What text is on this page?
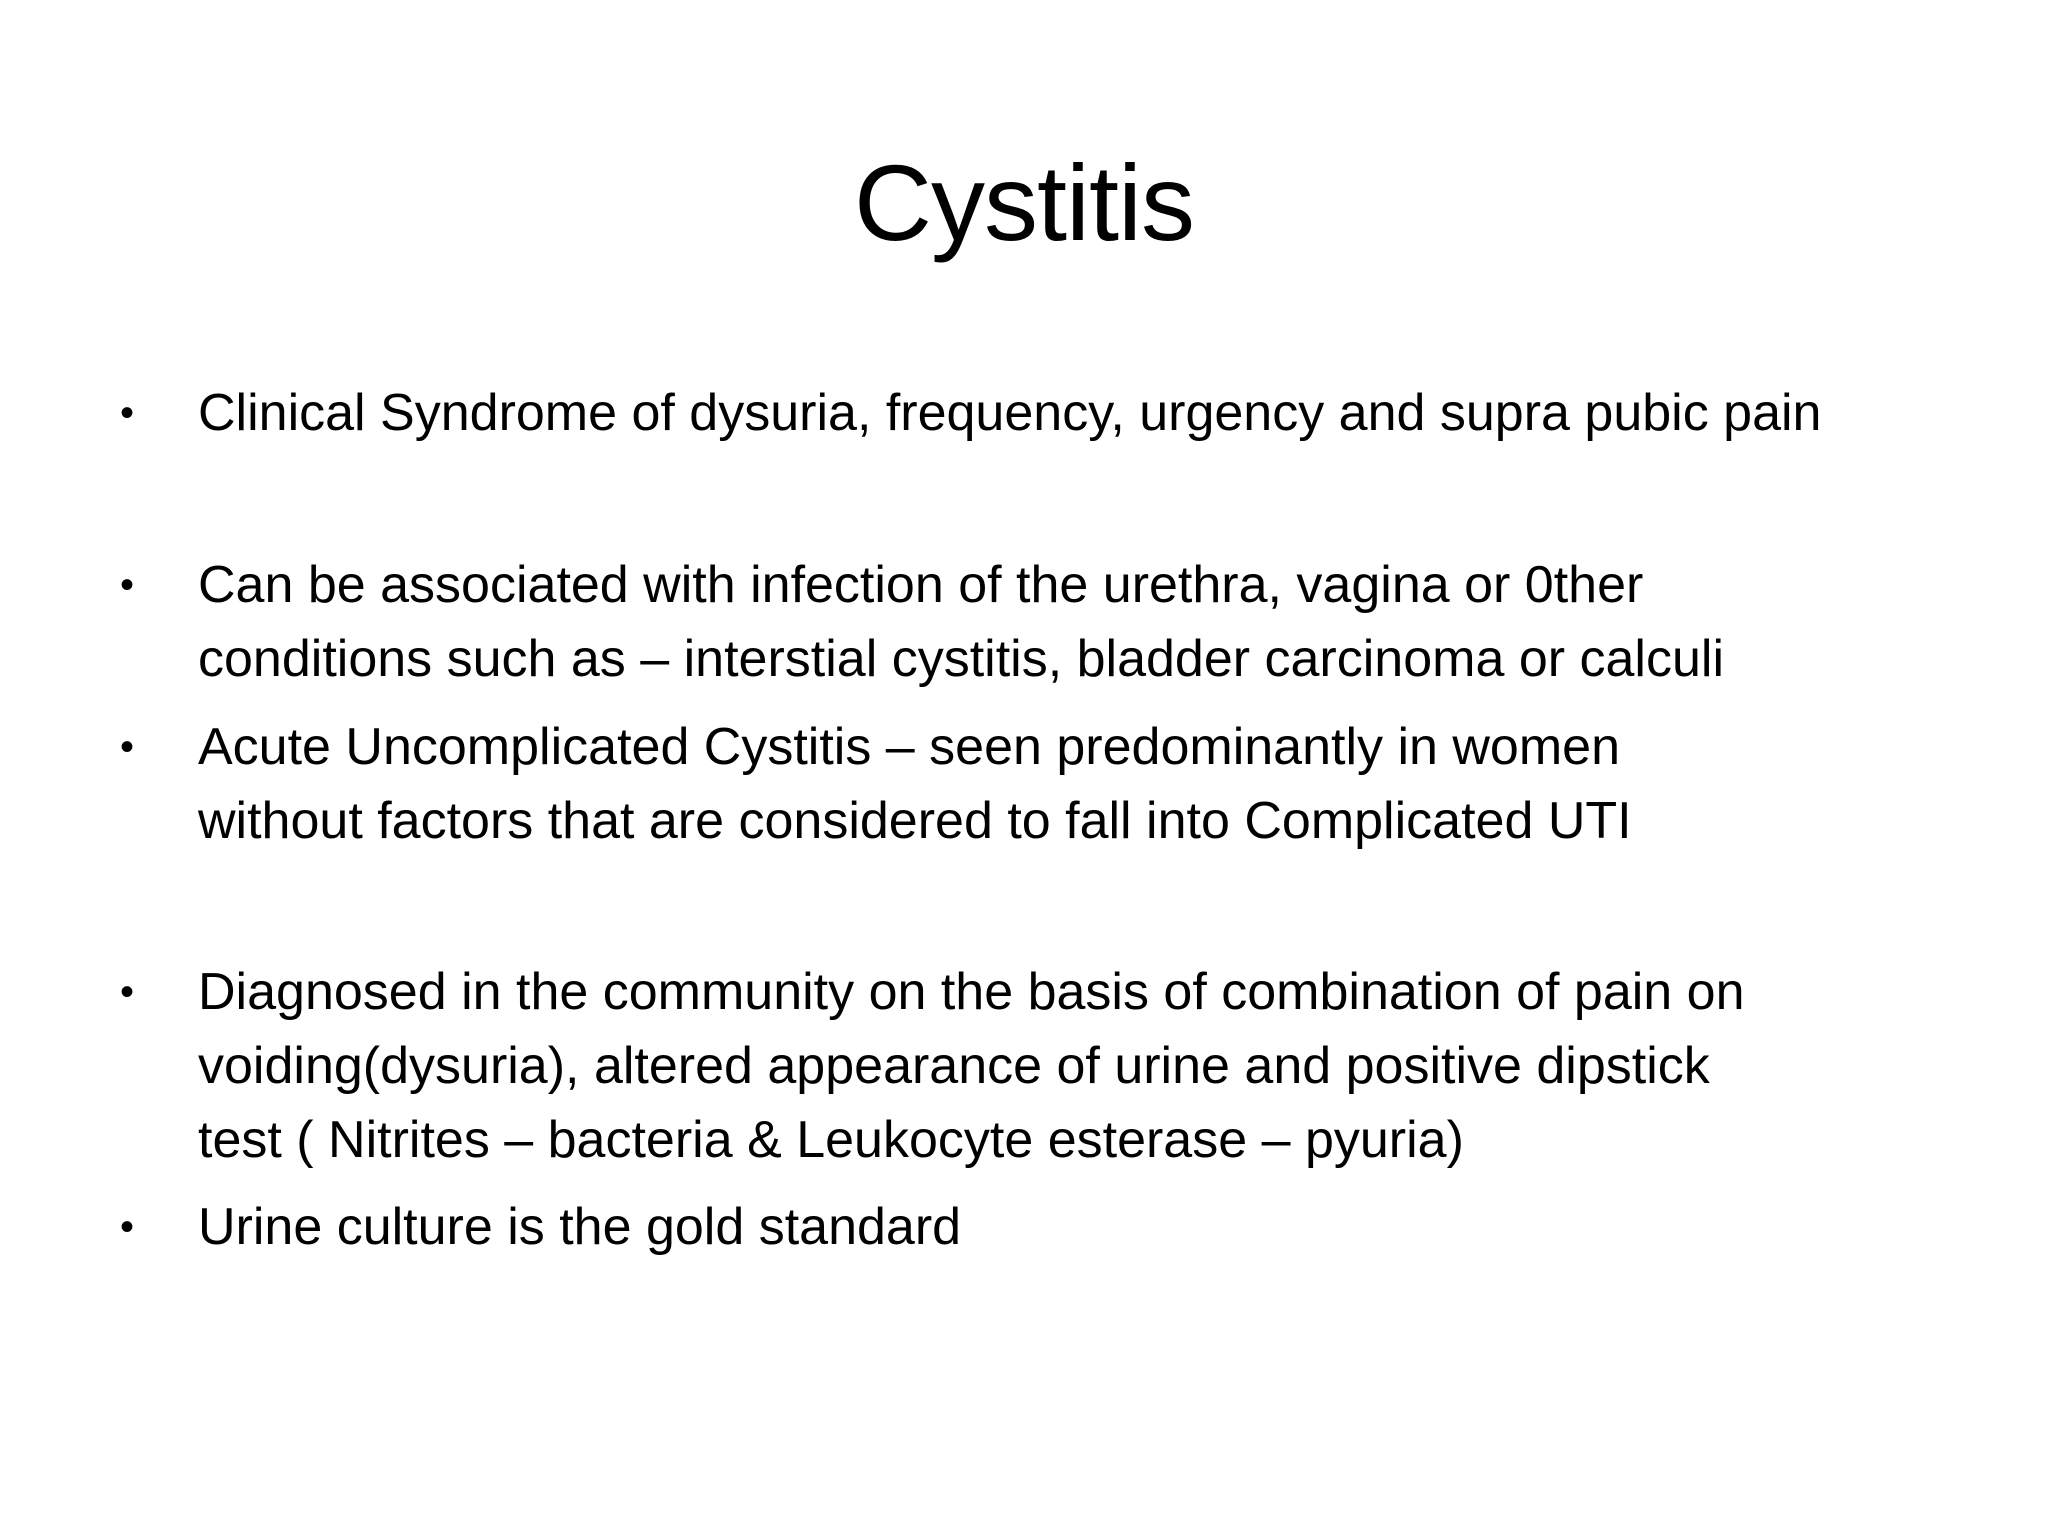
Cystitis
•	Clinical Syndrome of dysuria, frequency, urgency and supra pubic pain
•	Can be associated with infection of the urethra, vagina or 0ther
conditions such as – interstial cystitis, bladder carcinoma or calculi
•	Acute Uncomplicated Cystitis – seen predominantly in women
without factors that are considered to fall into Complicated UTI
•	Diagnosed in the community on the basis of combination of pain on
voiding(dysuria), altered appearance of urine and positive dipstick
test ( Nitrites – bacteria & Leukocyte esterase – pyuria)
•	Urine culture is the gold standard
